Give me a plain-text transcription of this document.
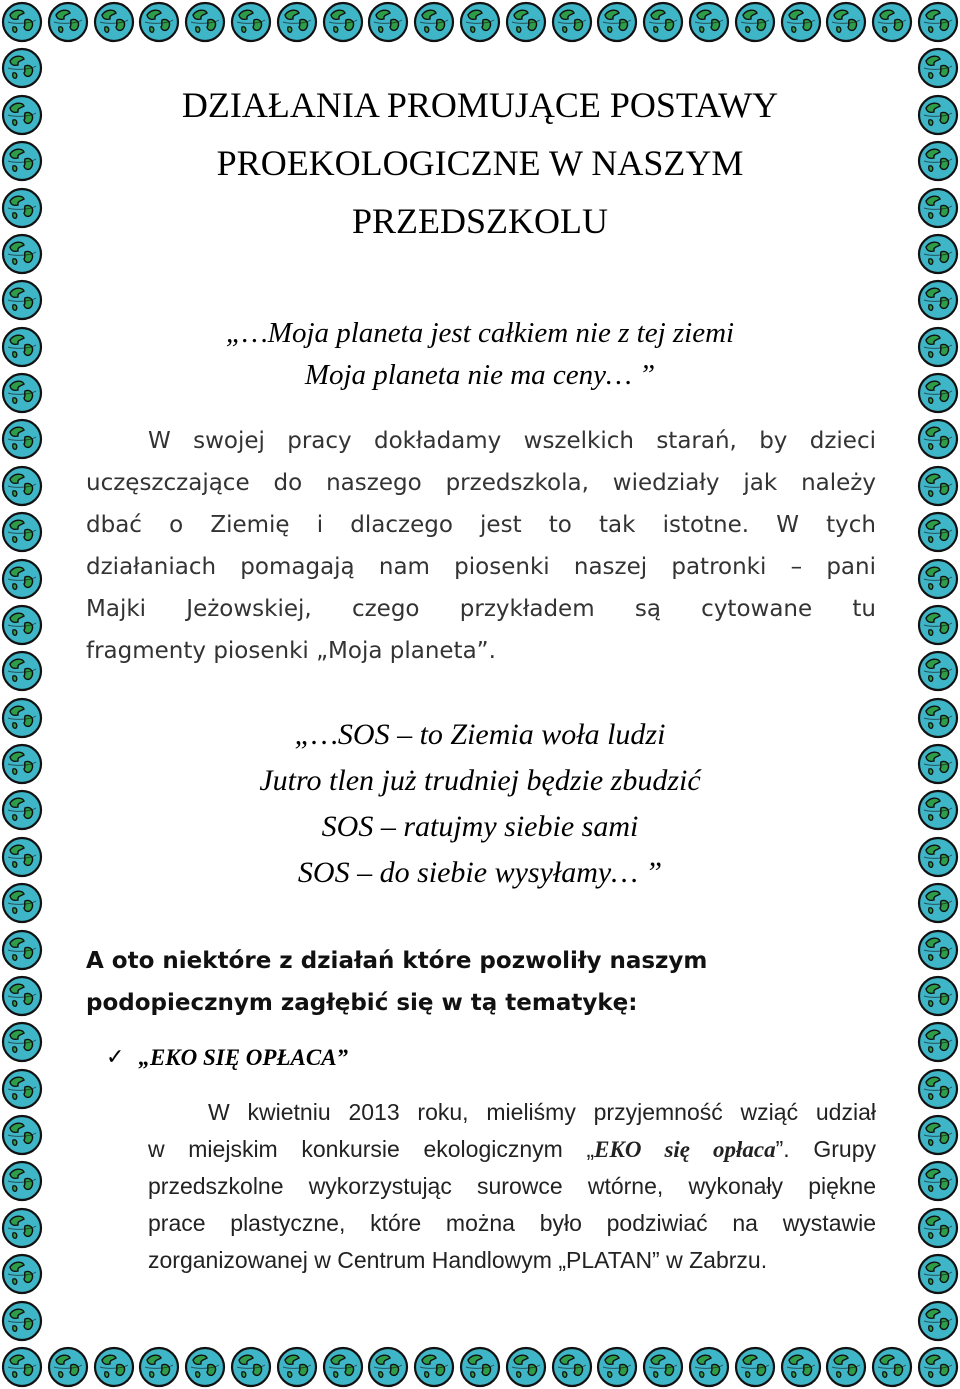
DZIAŁANIA PROMUJĄCE POSTAWY
PROEKOLOGICZNE W NASZYM
PRZEDSZKOLU
„…Moja planeta jest całkiem nie z tej ziemi
Moja planeta nie ma ceny… ”
W swojej pracy dokładamy wszelkich starań, by dzieci
uczęszczające do naszego przedszkola, wiedziały jak należy
dbać o Ziemię i dlaczego jest to tak istotne. W tych
działaniach pomagają nam piosenki naszej patronki – pani
Majki Jeżowskiej, czego przykładem są cytowane tu
fragmenty piosenki „Moja planeta”.
„…SOS – to Ziemia woła ludzi
Jutro tlen już trudniej będzie zbudzić
SOS – ratujmy siebie sami
SOS – do siebie wysyłamy… ”
A oto niektóre z działań które pozwoliły naszym
podopiecznym zagłębić się w tą tematykę:
✓ „EKO SIĘ OPŁACA”
W kwietniu 2013 roku, mieliśmy przyjemność wziąć udział
w miejskim konkursie ekologicznym „EKO się opłaca”. Grupy
przedszkolne wykorzystując surowce wtórne, wykonały piękne
prace plastyczne, które można było podziwiać na wystawie
zorganizowanej w Centrum Handlowym „PLATAN” w Zabrzu.
